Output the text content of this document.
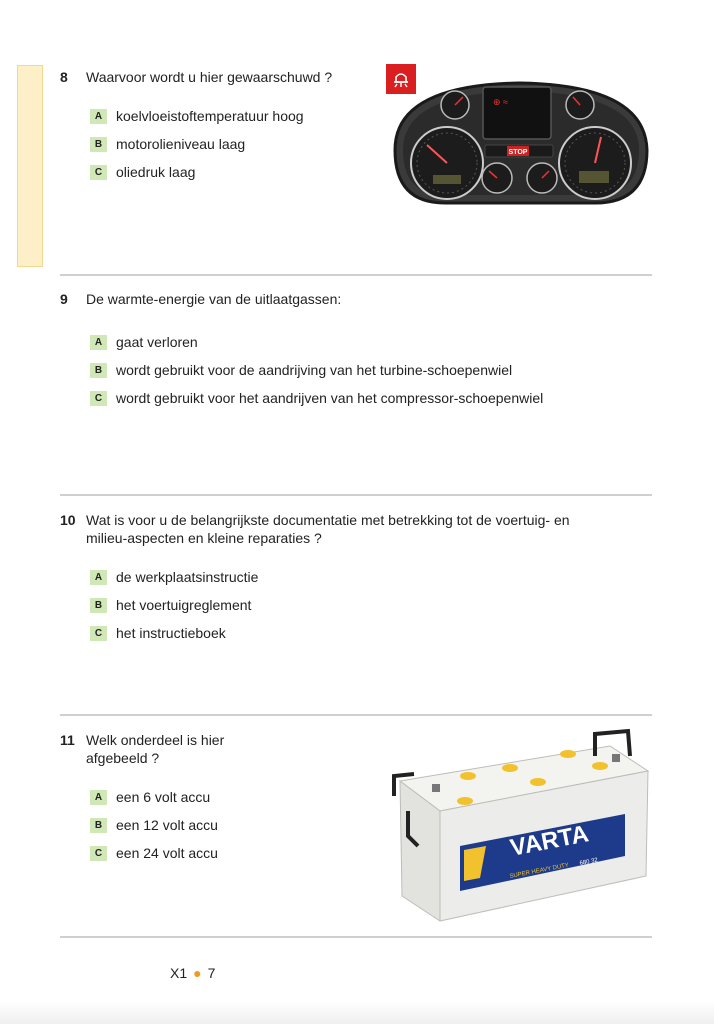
8	Waarvoor wordt u hier gewaarschuwd ?
A koelvloeistoftemperatuur hoog
B motorolieniveau laag
C oliedruk laag
⊕ ≈
STOP
9	De warmte-energie van de uitlaatgassen:
A gaat verloren
B wordt gebruikt voor de aandrijving van het turbine-schoepenwiel
C wordt gebruikt voor het aandrijven van het compressor-schoepenwiel
10 Wat is voor u de belangrijkste documentatie met betrekking tot de voertuig- en
milieu-aspecten en kleine reparaties ?
A de werkplaatsinstructie
B het voertuigreglement
C het instructieboek
11 Welk onderdeel is hier
afgebeeld ?
A een 6 volt accu
B een 12 volt accu
C een 24 volt accu	VARTA
SUPER HEAVY DUTY
680 32
X1 ● 7
